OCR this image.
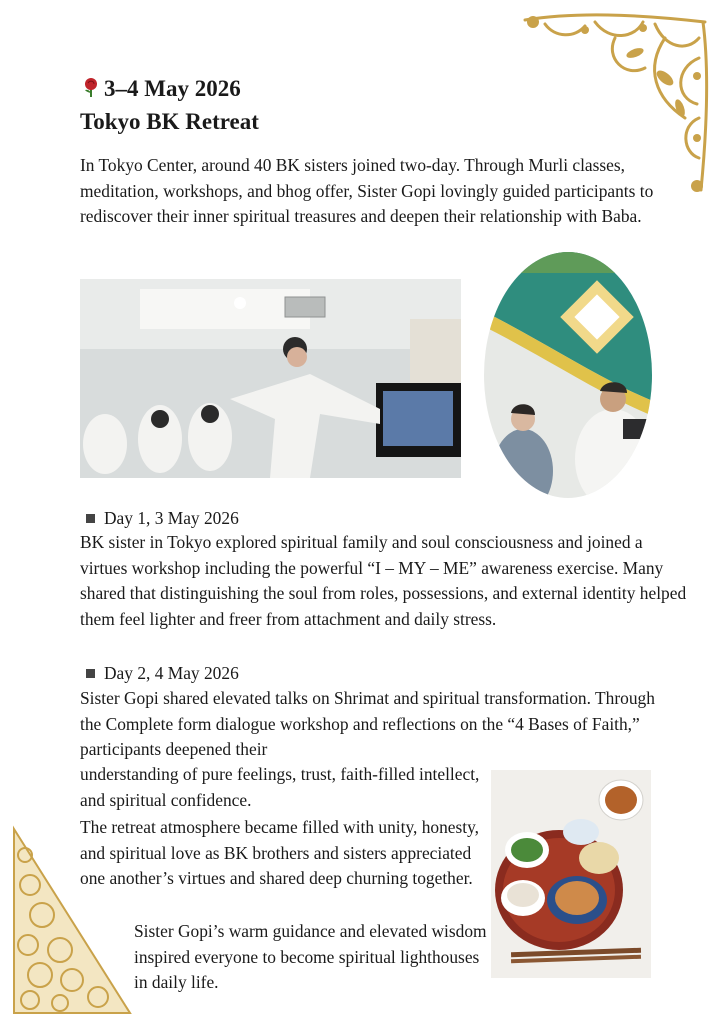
3–4 May 2026
Tokyo BK Retreat
In Tokyo Center, around 40 BK sisters joined two-day. Through Murli classes, meditation, workshops, and bhog offer, Sister Gopi lovingly guided participants to rediscover their inner spiritual treasures and deepen their relationship with Baba.
Day 1, 3 May 2026
BK sister in Tokyo explored spiritual family and soul consciousness and joined a virtues workshop including the powerful “I – MY – ME” awareness exercise. Many shared that distinguishing the soul from roles, possessions, and external identity helped them feel lighter and freer from attachment and daily stress.
Day 2, 4 May 2026
Sister Gopi shared elevated talks on Shrimat and spiritual transformation. Through the Complete form dialogue workshop and reflections on the “4 Bases of Faith,” participants deepened their
understanding of pure feelings, trust, faith-filled intellect, and spiritual confidence.
The retreat atmosphere became filled with unity, honesty, and spiritual love as BK brothers and sisters appreciated one another’s virtues and shared deep churning together.
Sister Gopi’s warm guidance and elevated wisdom inspired everyone to become spiritual lighthouses in daily life.
